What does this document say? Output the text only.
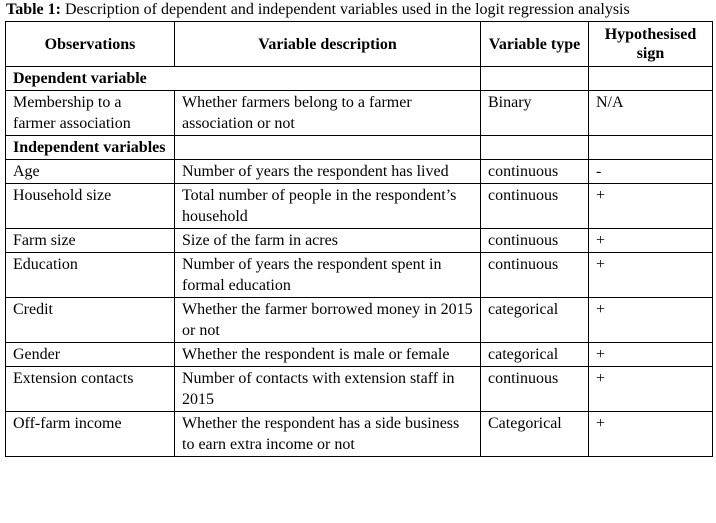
Table 1: Description of dependent and independent variables used in the logit regression analysis
Observations	Variable description	Variable type	Hypothesised sign
Dependent variable			
Membership to a farmer association	Whether farmers belong to a farmer association or not	Binary	N/A
Independent variables			
Age	Number of years the respondent has lived	continuous	-
Household size	Total number of people in the respondent’s household	continuous	+
Farm size	Size of the farm in acres	continuous	+
Education	Number of years the respondent spent in formal education	continuous	+
Credit	Whether the farmer borrowed money in 2015 or not	categorical	+
Gender	Whether the respondent is male or female	categorical	+
Extension contacts	Number of contacts with extension staff in 2015	continuous	+
Off-farm income	Whether the respondent has a side business to earn extra income or not	Categorical	+
